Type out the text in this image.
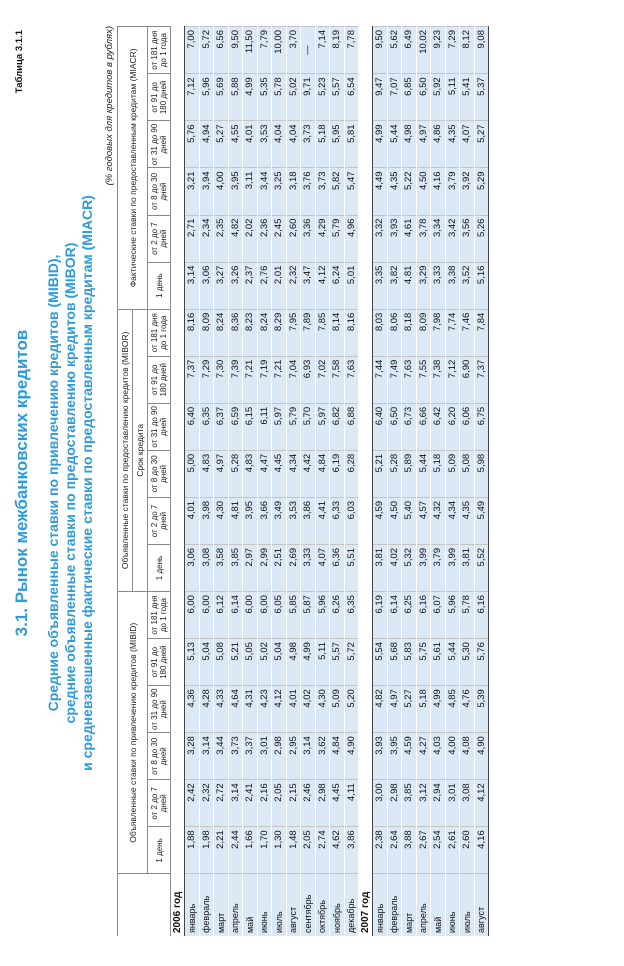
3.1. Рынок межбанковских кредитов
Таблица 3.1.1
Средние объявленные ставки по привлечению кредитов (MIBID), средние объявленные ставки по предоставлению кредитов (MIBOR) и средневзвешенные фактические ставки по предоставленным кредитам (MIACR)
(% годовых для кредитов в рублях)
	Объявленные ставки по привлечению кредитов (MIBID)						Объявленные ставки по предоставлению кредитов (MIBOR)						Фактические ставки по предоставленным кредитам (MIACR)					
							Срок кредита											
	1 день	от 2 до 7 дней	от 8 до 30 дней	от 31 до 90 дней	от 91 до 180 дней	от 181 дня до 1 года	1 день	от 2 до 7 дней	от 8 до 30 дней	от 31 до 90 дней	от 91 до 180 дней	от 181 дня до 1 года	1 день	от 2 до 7 дней	от 8 до 30 дней	от 31 до 90 дней	от 91 до 180 дней	от 181 дня до 1 года
2006 год																		
январь	1,88	2,42	3,28	4,36	5,13	6,00	3,06	4,01	5,00	6,40	7,37	8,16	3,14	2,71	3,21	5,76	7,12	7,00
февраль	1,98	2,32	3,14	4,28	5,04	6,00	3,08	3,98	4,83	6,35	7,29	8,09	3,06	2,34	3,94	4,94	5,96	5,72
март	2,21	2,72	3,44	4,33	5,08	6,12	3,58	4,30	4,97	6,37	7,30	8,24	3,27	2,35	4,00	5,27	5,69	6,56
апрель	2,44	3,14	3,73	4,64	5,21	6,14	3,85	4,81	5,28	6,59	7,39	8,36	3,26	4,82	3,95	4,55	5,88	9,50
май	1,66	2,41	3,37	4,31	5,05	6,00	2,97	3,95	4,83	6,15	7,21	8,23	2,37	2,02	3,11	4,01	4,99	11,50
июнь	1,70	2,16	3,01	4,23	5,02	6,00	2,99	3,66	4,47	6,11	7,19	8,24	2,76	2,36	3,44	3,53	5,35	7,79
июль	1,30	2,05	2,98	4,12	5,04	6,05	2,51	3,49	4,45	5,97	7,21	8,29	2,01	2,45	3,25	4,04	5,78	10,00
август	1,48	2,15	2,95	4,01	4,98	5,85	2,69	3,53	4,34	5,79	7,04	7,95	2,32	2,60	3,18	4,04	5,02	3,70
сентябрь	2,05	2,46	3,14	4,02	4,99	5,87	3,33	3,86	4,42	5,70	6,93	7,89	3,47	3,36	3,76	3,73	9,71	—
октябрь	2,74	2,98	3,62	4,30	5,11	5,96	4,07	4,41	4,84	5,97	7,02	7,85	4,12	4,29	3,73	5,18	5,23	7,14
ноябрь	4,62	4,45	4,84	5,09	5,57	6,26	6,36	6,33	6,19	6,82	7,58	8,14	6,24	5,79	5,82	5,95	5,57	8,19
декабрь	3,86	4,11	4,90	5,20	5,72	6,35	5,51	6,03	6,28	6,88	7,63	8,16	5,01	4,96	5,47	5,81	6,54	7,78
2007 год																		
январь	2,38	3,00	3,93	4,82	5,54	6,19	3,81	4,59	5,21	6,40	7,44	8,03	3,35	3,32	4,49	4,99	9,47	9,50
февраль	2,64	2,98	3,95	4,97	5,68	6,14	4,02	4,50	5,28	6,50	7,49	8,06	3,82	3,93	4,35	5,44	7,07	5,62
март	3,88	3,85	4,59	5,27	5,83	6,25	5,32	5,40	5,89	6,73	7,63	8,18	4,81	4,61	5,22	4,98	6,85	6,49
апрель	2,67	3,12	4,27	5,18	5,75	6,16	3,99	4,57	5,44	6,66	7,55	8,09	3,29	3,78	4,50	4,97	6,50	10,02
май	2,54	2,94	4,03	4,99	5,61	6,07	3,79	4,32	5,18	6,42	7,38	7,98	3,33	3,34	4,16	4,86	5,92	9,23
июнь	2,61	3,01	4,00	4,85	5,44	5,96	3,99	4,34	5,09	6,20	7,12	7,74	3,38	3,42	3,79	4,35	5,11	7,29
июль	2,60	3,08	4,08	4,76	5,30	5,78	3,81	4,35	5,08	6,06	6,90	7,46	3,52	3,56	3,92	4,07	5,41	8,12
август	4,16	4,12	4,90	5,39	5,76	6,16	5,52	5,49	5,98	6,75	7,37	7,84	5,16	5,26	5,29	5,27	5,37	9,08
